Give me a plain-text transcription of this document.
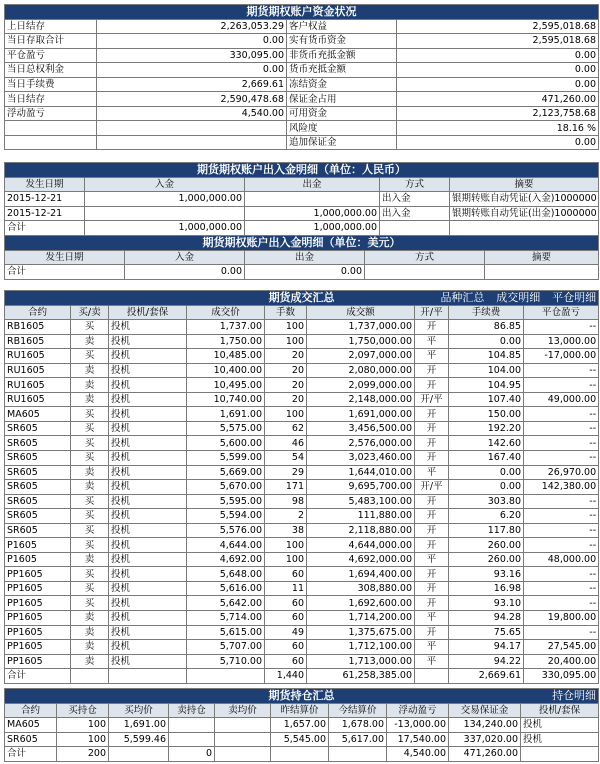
期货期权账户资金状况			
上日结存	2,263,053.29	客户权益	2,595,018.68
当日存取合计	0.00	实有货币资金	2,595,018.68
平仓盈亏	330,095.00	非货币充抵金额	0.00
当日总权利金	0.00	货币充抵金额	0.00
当日手续费	2,669.61	冻结资金	0.00
当日结存	2,590,478.68	保证金占用	471,260.00
浮动盈亏	4,540.00	可用资金	2,123,758.68
		风险度	18.16 %
		追加保证金	0.00
期货期权账户出入金明细（单位：人民币）				
发生日期	入金	出金	方式	摘要
2015-12-21	1,000,000.00		出入金	银期转账自动凭证(入金)1000000
2015-12-21		1,000,000.00	出入金	银期转账自动凭证(出金)1000000
合计	1,000,000.00	1,000,000.00		
期货期权账户出入金明细（单位：美元）				
发生日期	入金	出金	方式	摘要
合计	0.00	0.00		
期货成交汇总 品种汇总 成交明细 平仓明细								

合约	买/卖	投机/套保	成交价	手数	成交额	开/平	手续费	平仓盈亏
RB1605	买	投机	1,737.00	100	1,737,000.00	开	86.85	--
RB1605	卖	投机	1,750.00	100	1,750,000.00	平	0.00	13,000.00
RU1605	买	投机	10,485.00	20	2,097,000.00	平	104.85	-17,000.00
RU1605	卖	投机	10,400.00	20	2,080,000.00	开	104.00	--
RU1605	卖	投机	10,495.00	20	2,099,000.00	开	104.95	--
RU1605	卖	投机	10,740.00	20	2,148,000.00	开/平	107.40	49,000.00
MA605	买	投机	1,691.00	100	1,691,000.00	开	150.00	--
SR605	买	投机	5,575.00	62	3,456,500.00	开	192.20	--
SR605	买	投机	5,600.00	46	2,576,000.00	开	142.60	--
SR605	买	投机	5,599.00	54	3,023,460.00	开	167.40	--
SR605	卖	投机	5,669.00	29	1,644,010.00	平	0.00	26,970.00
SR605	卖	投机	5,670.00	171	9,695,700.00	开/平	0.00	142,380.00
SR605	买	投机	5,595.00	98	5,483,100.00	开	303.80	--
SR605	买	投机	5,594.00	2	111,880.00	开	6.20	--
SR605	买	投机	5,576.00	38	2,118,880.00	开	117.80	--
P1605	买	投机	4,644.00	100	4,644,000.00	开	260.00	--
P1605	卖	投机	4,692.00	100	4,692,000.00	平	260.00	48,000.00
PP1605	买	投机	5,648.00	60	1,694,400.00	开	93.16	--
PP1605	买	投机	5,616.00	11	308,880.00	开	16.98	--
PP1605	买	投机	5,642.00	60	1,692,600.00	开	93.10	--
PP1605	卖	投机	5,714.00	60	1,714,200.00	平	94.28	19,800.00
PP1605	卖	投机	5,615.00	49	1,375,675.00	开	75.65	--
PP1605	卖	投机	5,707.00	60	1,712,100.00	平	94.17	27,545.00
PP1605	卖	投机	5,710.00	60	1,713,000.00	平	94.22	20,400.00
合计				1,440	61,258,385.00		2,669.61	330,095.00
期货持仓汇总 持仓明细									

合约	买持仓	买均价	卖持仓	卖均价	昨结算价	今结算价	浮动盈亏	交易保证金	投机/套保
MA605	100	1,691.00			1,657.00	1,678.00	-13,000.00	134,240.00	投机
SR605	100	5,599.46			5,545.00	5,617.00	17,540.00	337,020.00	投机
合计	200		0				4,540.00	471,260.00	
